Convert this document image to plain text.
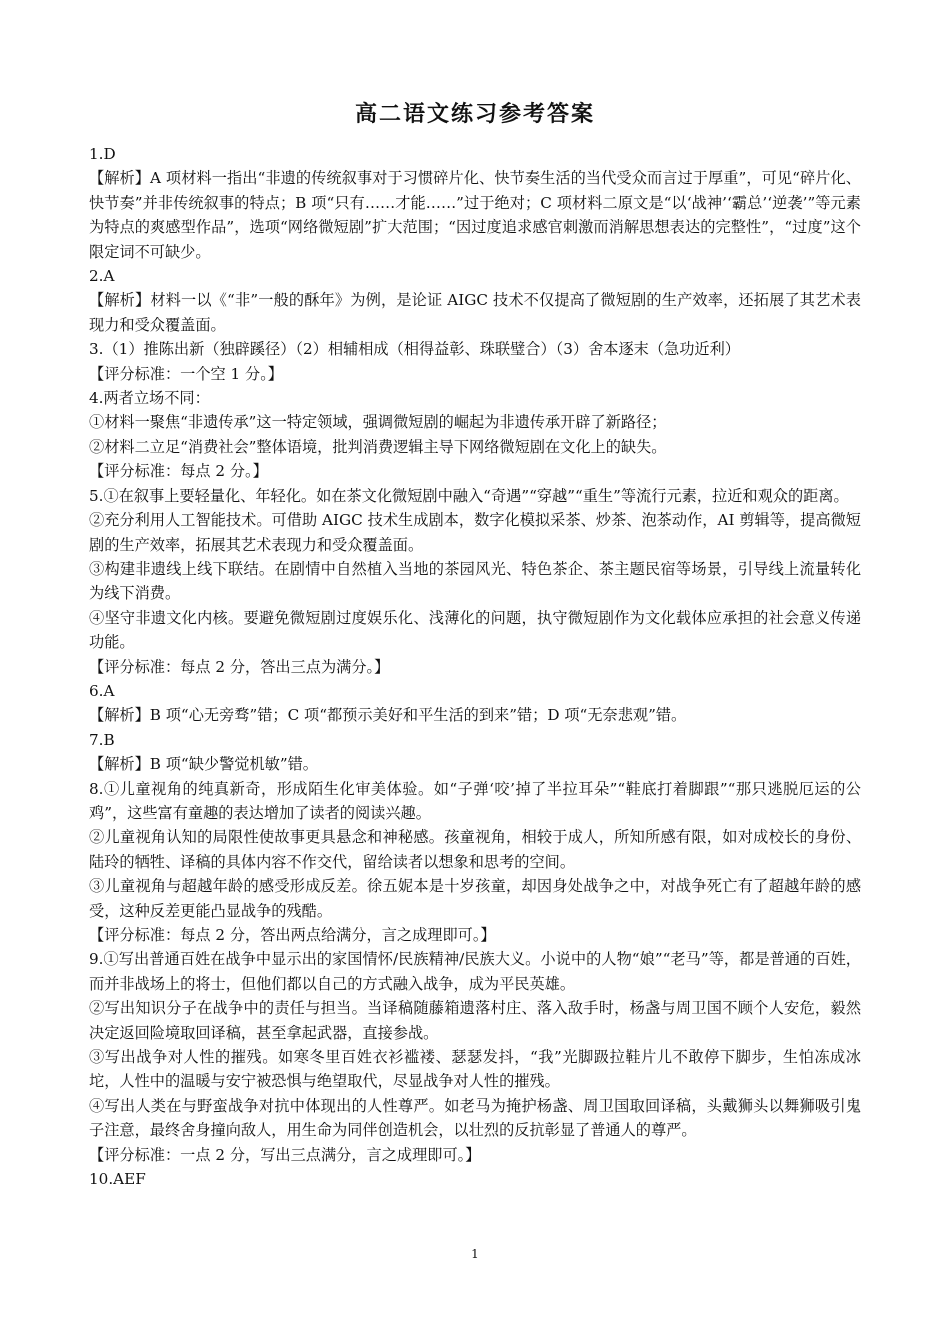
高二语文练习参考答案

1.D

【解析】A 项材料一指出“非遗的传统叙事对于习惯碎片化、快节奏生活的当代受众而言过于厚重”，可见“碎片化、快节奏”并非传统叙事的特点；B 项“只有……才能……”过于绝对；C 项材料二原文是“以‘战神’‘霸总’‘逆袭’”等元素为特点的爽感型作品”，选项“网络微短剧”扩大范围；“因过度追求感官刺激而消解思想表达的完整性”，“过度”这个限定词不可缺少。

2.A

【解析】材料一以《“非”一般的酥年》为例，是论证 AIGC 技术不仅提高了微短剧的生产效率，还拓展了其艺术表现力和受众覆盖面。

3.（1）推陈出新（独辟蹊径）（2）相辅相成（相得益彰、珠联璧合）（3）舍本逐末（急功近利）

【评分标准：一个空 1 分。】

4.两者立场不同：

①材料一聚焦“非遗传承”这一特定领域，强调微短剧的崛起为非遗传承开辟了新路径；

②材料二立足“消费社会”整体语境，批判消费逻辑主导下网络微短剧在文化上的缺失。

【评分标准：每点 2 分。】

5.①在叙事上要轻量化、年轻化。如在茶文化微短剧中融入“奇遇”“穿越”“重生”等流行元素，拉近和观众的距离。

②充分利用人工智能技术。可借助 AIGC 技术生成剧本，数字化模拟采茶、炒茶、泡茶动作，AI 剪辑等，提高微短剧的生产效率，拓展其艺术表现力和受众覆盖面。

③构建非遗线上线下联结。在剧情中自然植入当地的茶园风光、特色茶企、茶主题民宿等场景，引导线上流量转化为线下消费。

④坚守非遗文化内核。要避免微短剧过度娱乐化、浅薄化的问题，执守微短剧作为文化载体应承担的社会意义传递功能。

【评分标准：每点 2 分，答出三点为满分。】

6.A

【解析】B 项“心无旁骛”错；C 项“都预示美好和平生活的到来”错；D 项“无奈悲观”错。

7.B

【解析】B 项“缺少警觉机敏”错。

8.①儿童视角的纯真新奇，形成陌生化审美体验。如“子弹‘咬’掉了半拉耳朵”“鞋底打着脚跟”“那只逃脱厄运的公鸡”，这些富有童趣的表达增加了读者的阅读兴趣。

②儿童视角认知的局限性使故事更具悬念和神秘感。孩童视角，相较于成人，所知所感有限，如对成校长的身份、陆玲的牺牲、译稿的具体内容不作交代，留给读者以想象和思考的空间。

③儿童视角与超越年龄的感受形成反差。徐五妮本是十岁孩童，却因身处战争之中，对战争死亡有了超越年龄的感受，这种反差更能凸显战争的残酷。

【评分标准：每点 2 分，答出两点给满分，言之成理即可。】

9.①写出普通百姓在战争中显示出的家国情怀/民族精神/民族大义。小说中的人物“娘”“老马”等，都是普通的百姓，而并非战场上的将士，但他们都以自己的方式融入战争，成为平民英雄。

②写出知识分子在战争中的责任与担当。当译稿随藤箱遗落村庄、落入敌手时，杨盏与周卫国不顾个人安危，毅然决定返回险境取回译稿，甚至拿起武器，直接参战。

③写出战争对人性的摧残。如寒冬里百姓衣衫褴褛、瑟瑟发抖，“我”光脚趿拉鞋片儿不敢停下脚步，生怕冻成冰坨，人性中的温暖与安宁被恐惧与绝望取代，尽显战争对人性的摧残。

④写出人类在与野蛮战争对抗中体现出的人性尊严。如老马为掩护杨盏、周卫国取回译稿，头戴狮头以舞狮吸引鬼子注意，最终舍身撞向敌人，用生命为同伴创造机会，以壮烈的反抗彰显了普通人的尊严。

【评分标准：一点 2 分，写出三点满分，言之成理即可。】

10.AEF

1
